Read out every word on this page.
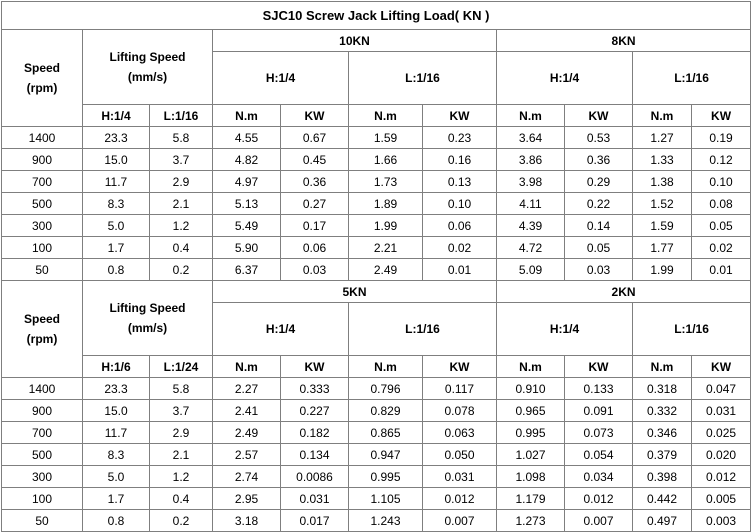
SJC10 Screw Jack Lifting Load( KN )										
Speed
(rpm)	Lifting Speed
(mm/s)		10KN				8KN			
			H:1/4		L:1/16		H:1/4		L:1/16	
	H:1/4	L:1/16	N.m	KW	N.m	KW	N.m	KW	N.m	KW
1400	23.3	5.8	4.55	0.67	1.59	0.23	3.64	0.53	1.27	0.19
900	15.0	3.7	4.82	0.45	1.66	0.16	3.86	0.36	1.33	0.12
700	11.7	2.9	4.97	0.36	1.73	0.13	3.98	0.29	1.38	0.10
500	8.3	2.1	5.13	0.27	1.89	0.10	4.11	0.22	1.52	0.08
300	5.0	1.2	5.49	0.17	1.99	0.06	4.39	0.14	1.59	0.05
100	1.7	0.4	5.90	0.06	2.21	0.02	4.72	0.05	1.77	0.02
50	0.8	0.2	6.37	0.03	2.49	0.01	5.09	0.03	1.99	0.01
Speed
(rpm)	Lifting Speed
(mm/s)		5KN				2KN			
			H:1/4		L:1/16		H:1/4		L:1/16	
	H:1/6	L:1/24	N.m	KW	N.m	KW	N.m	KW	N.m	KW
1400	23.3	5.8	2.27	0.333	0.796	0.117	0.910	0.133	0.318	0.047
900	15.0	3.7	2.41	0.227	0.829	0.078	0.965	0.091	0.332	0.031
700	11.7	2.9	2.49	0.182	0.865	0.063	0.995	0.073	0.346	0.025
500	8.3	2.1	2.57	0.134	0.947	0.050	1.027	0.054	0.379	0.020
300	5.0	1.2	2.74	0.0086	0.995	0.031	1.098	0.034	0.398	0.012
100	1.7	0.4	2.95	0.031	1.105	0.012	1.179	0.012	0.442	0.005
50	0.8	0.2	3.18	0.017	1.243	0.007	1.273	0.007	0.497	0.003
